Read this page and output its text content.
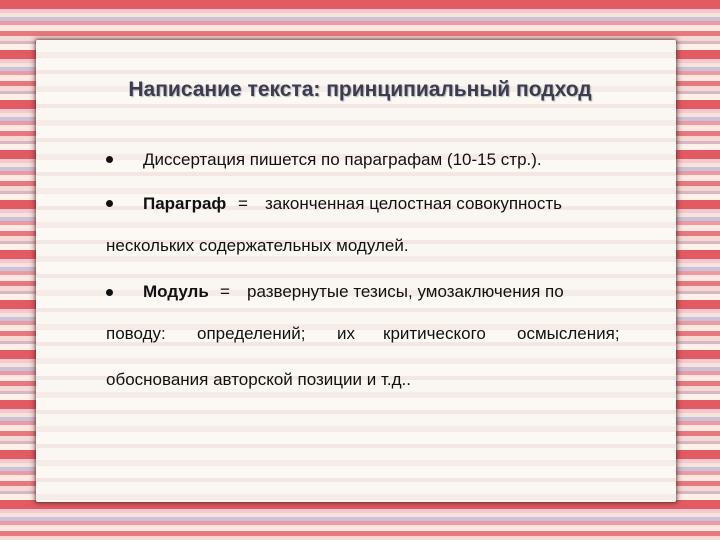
Написание текста: принципиальный подход
Диссертация пишется по параграфам (10-15 стр.).
Параграф = законченная целостная совокупность
нескольких содержательных модулей.
Модуль = развернутые тезисы, умозаключения по
поводу: определений; их критического осмысления;
обоснования авторской позиции и т.д..
